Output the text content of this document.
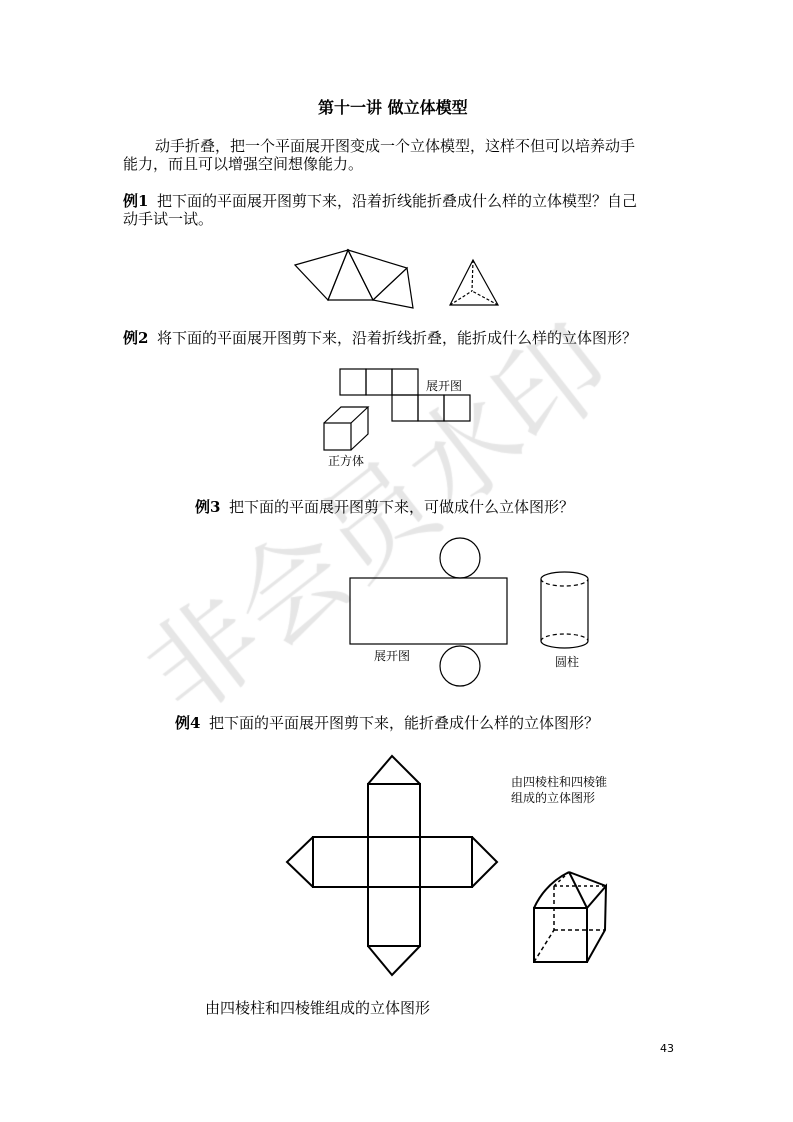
第十一讲 做立体模型
动手折叠，把一个平面展开图变成一个立体模型，这样不但可以培养动手
能力，而且可以增强空间想像能力。
例1 把下面的平面展开图剪下来，沿着折线能折叠成什么样的立体模型？自己
动手试一试。
例2 将下面的平面展开图剪下来，沿着折线折叠，能折成什么样的立体图形？
展开图
正方体
例3 把下面的平面展开图剪下来，可做成什么立体图形？
展开图	圆柱
例4 把下面的平面展开图剪下来，能折叠成什么样的立体图形？
由四棱柱和四棱锥
组成的立体图形
由四棱柱和四棱锥组成的立体图形
43
